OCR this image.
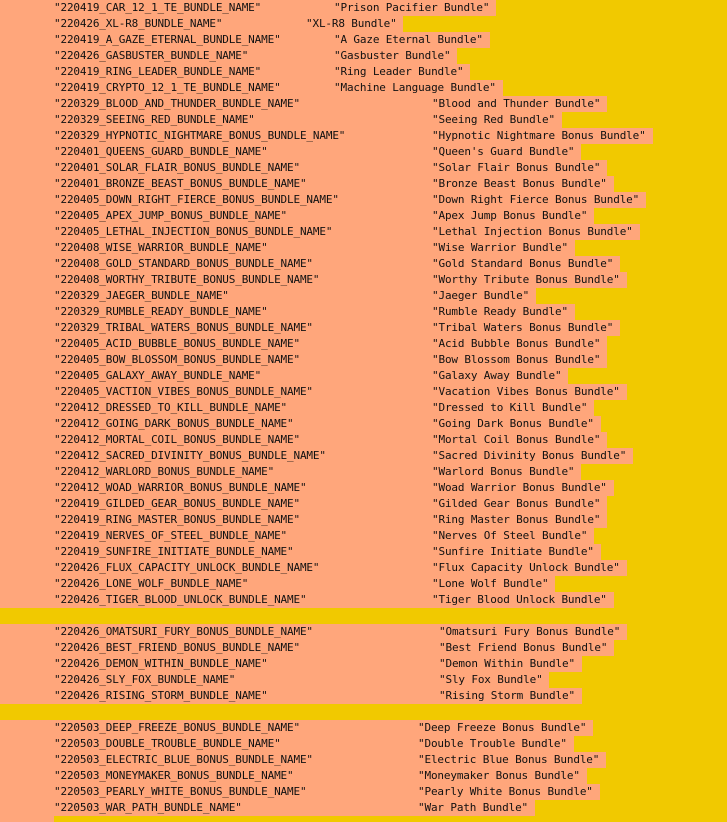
"220419_CAR_12_1_TE_BUNDLE_NAME"	"Prison Pacifier Bundle"
"220426_XL-R8_BUNDLE_NAME"	"XL-R8 Bundle"
"220419_A_GAZE_ETERNAL_BUNDLE_NAME"	"A Gaze Eternal Bundle"
"220426_GASBUSTER_BUNDLE_NAME"	"Gasbuster Bundle"
"220419_RING_LEADER_BUNDLE_NAME"	"Ring Leader Bundle"
"220419_CRYPTO_12_1_TE_BUNDLE_NAME"	"Machine Language Bundle"
"220329_BLOOD_AND_THUNDER_BUNDLE_NAME"	"Blood and Thunder Bundle"
"220329_SEEING_RED_BUNDLE_NAME"	"Seeing Red Bundle"
"220329_HYPNOTIC_NIGHTMARE_BONUS_BUNDLE_NAME"	"Hypnotic Nightmare Bonus Bundle"
"220401_QUEENS_GUARD_BUNDLE_NAME"	"Queen's Guard Bundle"
"220401_SOLAR_FLAIR_BONUS_BUNDLE_NAME"	"Solar Flair Bonus Bundle"
"220401_BRONZE_BEAST_BONUS_BUNDLE_NAME"	"Bronze Beast Bonus Bundle"
"220405_DOWN_RIGHT_FIERCE_BONUS_BUNDLE_NAME"	"Down Right Fierce Bonus Bundle"
"220405_APEX_JUMP_BONUS_BUNDLE_NAME"	"Apex Jump Bonus Bundle"
"220405_LETHAL_INJECTION_BONUS_BUNDLE_NAME"	"Lethal Injection Bonus Bundle"
"220408_WISE_WARRIOR_BUNDLE_NAME"	"Wise Warrior Bundle"
"220408_GOLD_STANDARD_BONUS_BUNDLE_NAME"	"Gold Standard Bonus Bundle"
"220408_WORTHY_TRIBUTE_BONUS_BUNDLE_NAME"	"Worthy Tribute Bonus Bundle"
"220329_JAEGER_BUNDLE_NAME"	"Jaeger Bundle"
"220329_RUMBLE_READY_BUNDLE_NAME"	"Rumble Ready Bundle"
"220329_TRIBAL_WATERS_BONUS_BUNDLE_NAME"	"Tribal Waters Bonus Bundle"
"220405_ACID_BUBBLE_BONUS_BUNDLE_NAME"	"Acid Bubble Bonus Bundle"
"220405_BOW_BLOSSOM_BONUS_BUNDLE_NAME"	"Bow Blossom Bonus Bundle"
"220405_GALAXY_AWAY_BUNDLE_NAME"	"Galaxy Away Bundle"
"220405_VACTION_VIBES_BONUS_BUNDLE_NAME"	"Vacation Vibes Bonus Bundle"
"220412_DRESSED_TO_KILL_BUNDLE_NAME"	"Dressed to Kill Bundle"
"220412_GOING_DARK_BONUS_BUNDLE_NAME"	"Going Dark Bonus Bundle"
"220412_MORTAL_COIL_BONUS_BUNDLE_NAME"	"Mortal Coil Bonus Bundle"
"220412_SACRED_DIVINITY_BONUS_BUNDLE_NAME"	"Sacred Divinity Bonus Bundle"
"220412_WARLORD_BONUS_BUNDLE_NAME"	"Warlord Bonus Bundle"
"220412_WOAD_WARRIOR_BONUS_BUNDLE_NAME"	"Woad Warrior Bonus Bundle"
"220419_GILDED_GEAR_BONUS_BUNDLE_NAME"	"Gilded Gear Bonus Bundle"
"220419_RING_MASTER_BONUS_BUNDLE_NAME"	"Ring Master Bonus Bundle"
"220419_NERVES_OF_STEEL_BUNDLE_NAME"	"Nerves Of Steel Bundle"
"220419_SUNFIRE_INITIATE_BUNDLE_NAME"	"Sunfire Initiate Bundle"
"220426_FLUX_CAPACITY_UNLOCK_BUNDLE_NAME"	"Flux Capacity Unlock Bundle"
"220426_LONE_WOLF_BUNDLE_NAME"	"Lone Wolf Bundle"
"220426_TIGER_BLOOD_UNLOCK_BUNDLE_NAME"	"Tiger Blood Unlock Bundle"
"220426_OMATSURI_FURY_BONUS_BUNDLE_NAME"	"Omatsuri Fury Bonus Bundle"
"220426_BEST_FRIEND_BONUS_BUNDLE_NAME"	"Best Friend Bonus Bundle"
"220426_DEMON_WITHIN_BUNDLE_NAME"	"Demon Within Bundle"
"220426_SLY_FOX_BUNDLE_NAME"	"Sly Fox Bundle"
"220426_RISING_STORM_BUNDLE_NAME"	"Rising Storm Bundle"
"220503_DEEP_FREEZE_BONUS_BUNDLE_NAME"	"Deep Freeze Bonus Bundle"
"220503_DOUBLE_TROUBLE_BUNDLE_NAME"	"Double Trouble Bundle"
"220503_ELECTRIC_BLUE_BONUS_BUNDLE_NAME"	"Electric Blue Bonus Bundle"
"220503_MONEYMAKER_BONUS_BUNDLE_NAME"	"Moneymaker Bonus Bundle"
"220503_PEARLY_WHITE_BONUS_BUNDLE_NAME"	"Pearly White Bonus Bundle"
"220503_WAR_PATH_BUNDLE_NAME"	"War Path Bundle"
